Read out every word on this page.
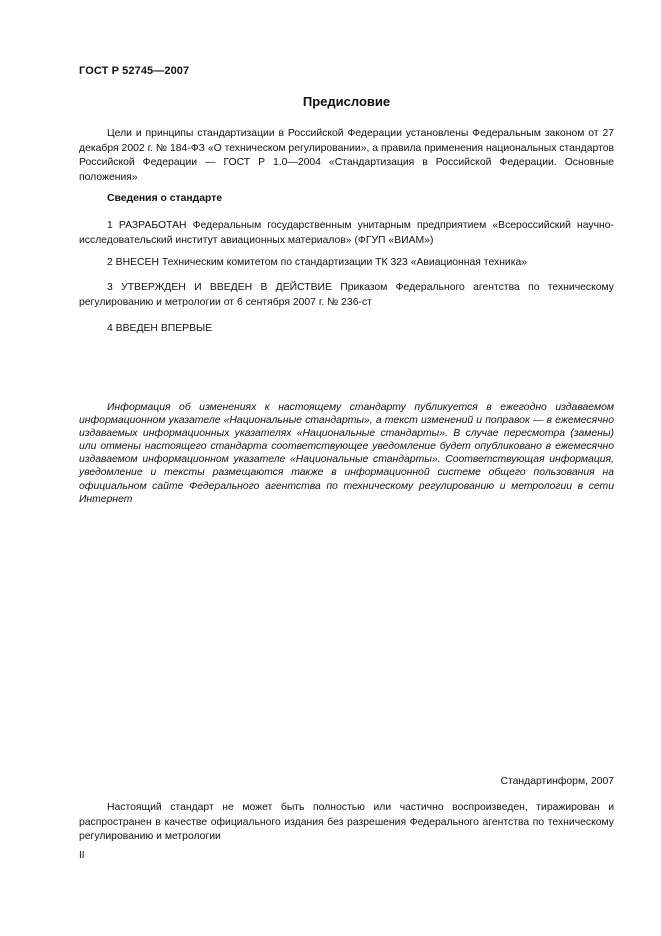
ГОСТ Р 52745—2007
Предисловие
Цели и принципы стандартизации в Российской Федерации установлены Федеральным законом от 27 декабря 2002 г. № 184-ФЗ «О техническом регулировании», а правила применения национальных стандартов Российской Федерации — ГОСТ Р 1.0—2004 «Стандартизация в Российской Федерации. Основные положения»
Сведения о стандарте
1 РАЗРАБОТАН Федеральным государственным унитарным предприятием «Всероссийский научно-исследовательский институт авиационных материалов» (ФГУП «ВИАМ»)
2 ВНЕСЕН Техническим комитетом по стандартизации ТК 323 «Авиационная техника»
3 УТВЕРЖДЕН И ВВЕДЕН В ДЕЙСТВИЕ Приказом Федерального агентства по техническому регулированию и метрологии от 6 сентября 2007 г. № 236-ст
4 ВВЕДЕН ВПЕРВЫЕ
Информация об изменениях к настоящему стандарту публикуется в ежегодно издаваемом информационном указателе «Национальные стандарты», а текст изменений и поправок — в ежемесячно издаваемых информационных указателях «Национальные стандарты». В случае пересмотра (замены) или отмены настоящего стандарта соответствующее уведомление будет опубликовано в ежемесячно издаваемом информационном указателе «Национальные стандарты». Соответствующая информация, уведомление и тексты размещаются также в информационной системе общего пользования на официальном сайте Федерального агентства по техническому регулированию и метрологии в сети Интернет
Стандартинформ, 2007
Настоящий стандарт не может быть полностью или частично воспроизведен, тиражирован и распространен в качестве официального издания без разрешения Федерального агентства по техническому регулированию и метрологии
II
